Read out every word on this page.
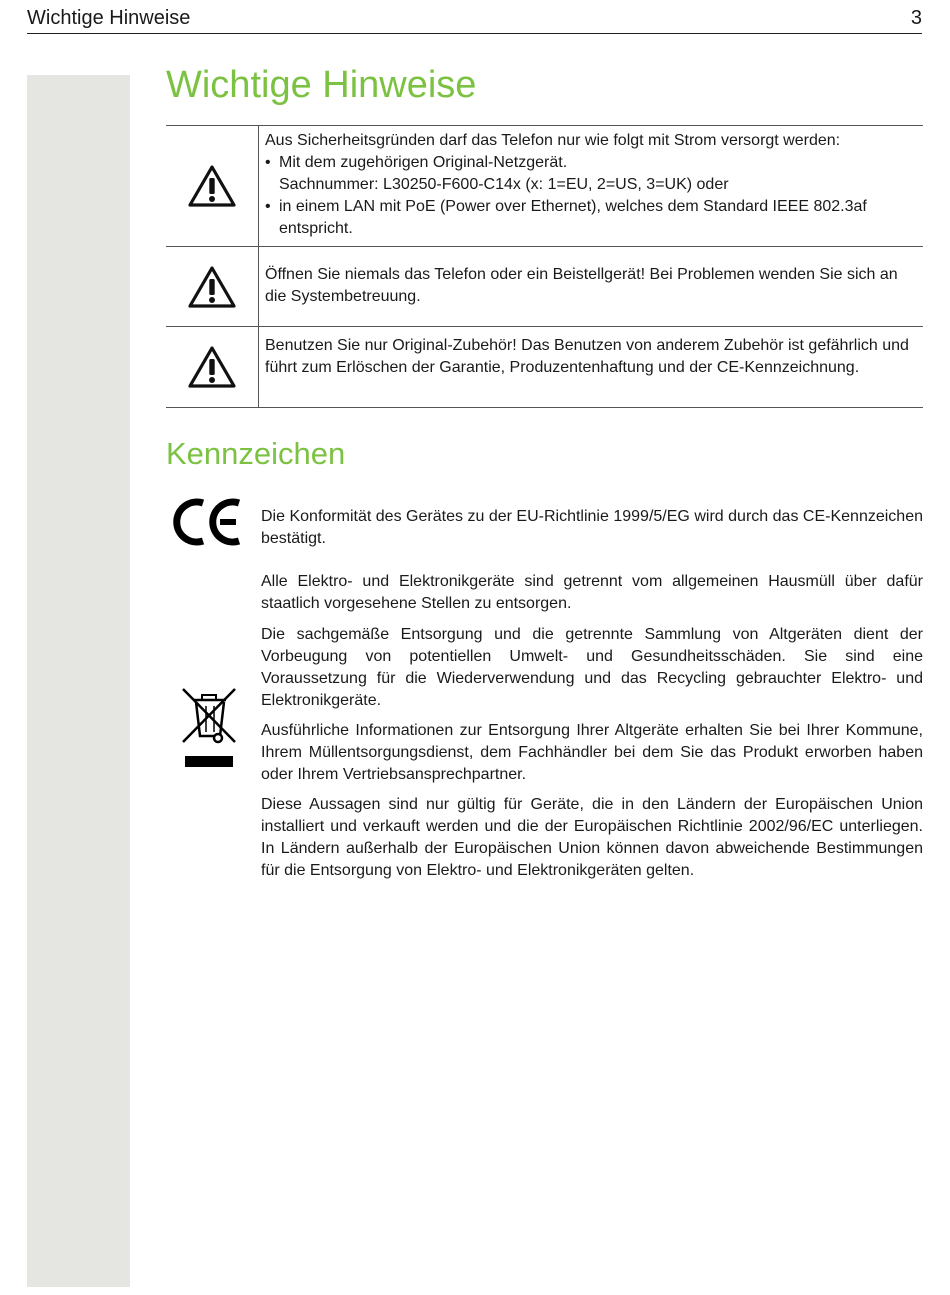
Wichtige Hinweise	3
Wichtige Hinweise
Aus Sicherheitsgründen darf das Telefon nur wie folgt mit Strom versorgt werden:
• Mit dem zugehörigen Original-Netzgerät.
Sachnummer: L30250-F600-C14x (x: 1=EU, 2=US, 3=UK) oder
• in einem LAN mit PoE (Power over Ethernet), welches dem Standard IEEE 802.3af entspricht.
Öffnen Sie niemals das Telefon oder ein Beistellgerät! Bei Problemen wenden Sie sich an die Systembetreuung.
Benutzen Sie nur Original-Zubehör! Das Benutzen von anderem Zubehör ist gefährlich und führt zum Erlöschen der Garantie, Produzentenhaftung und der CE-Kennzeichnung.
Kennzeichen
Die Konformität des Gerätes zu der EU-Richtlinie 1999/5/EG wird durch das CE-Kennzeichen bestätigt.
Alle Elektro- und Elektronikgeräte sind getrennt vom allgemeinen Hausmüll über dafür staatlich vorgesehene Stellen zu entsorgen.
Die sachgemäße Entsorgung und die getrennte Sammlung von Altgeräten dient der Vorbeugung von potentiellen Umwelt- und Gesundheitsschäden. Sie sind eine Voraussetzung für die Wiederverwendung und das Recycling gebrauchter Elektro- und Elektronikgeräte.
Ausführliche Informationen zur Entsorgung Ihrer Altgeräte erhalten Sie bei Ihrer Kommune, Ihrem Müllentsorgungsdienst, dem Fachhändler bei dem Sie das Produkt erworben haben oder Ihrem Vertriebsansprechpartner.
Diese Aussagen sind nur gültig für Geräte, die in den Ländern der Europäischen Union installiert und verkauft werden und die der Europäischen Richtlinie 2002/96/EC unterliegen. In Ländern außerhalb der Europäischen Union können davon abweichende Bestimmungen für die Entsorgung von Elektro- und Elektronikgeräten gelten.
